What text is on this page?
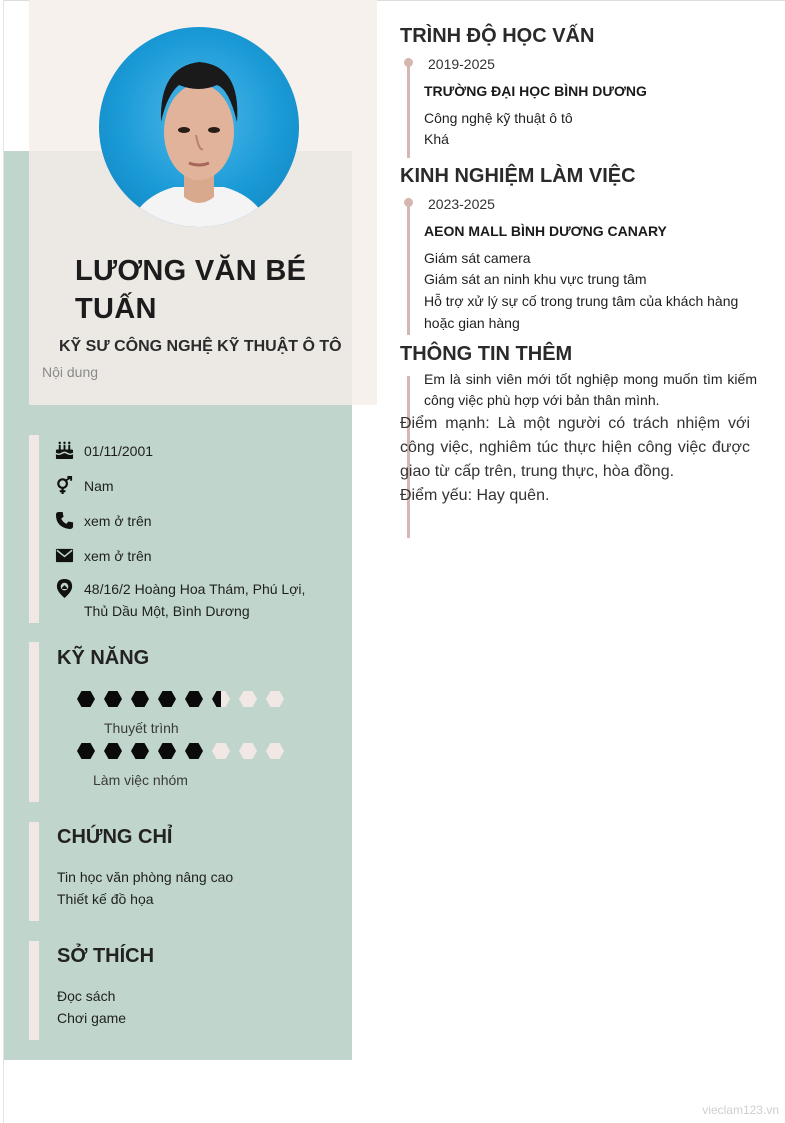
LƯƠNG VĂN BÉ TUẤN
KỸ SƯ CÔNG NGHỆ KỸ THUẬT Ô TÔ
Nội dung
01/11/2001
Nam
xem ở trên
xem ở trên
48/16/2 Hoàng Hoa Thám, Phú Lợi, Thủ Dầu Một, Bình Dương
KỸ NĂNG
Thuyết trình
Làm việc nhóm
CHỨNG CHỈ
Tin học văn phòng nâng cao
Thiết kế đồ họa
SỞ THÍCH
Đọc sách
Chơi game
TRÌNH ĐỘ HỌC VẤN
2019-2025
TRƯỜNG ĐẠI HỌC BÌNH DƯƠNG
Công nghệ kỹ thuật ô tô
Khá
KINH NGHIỆM LÀM VIỆC
2023-2025
AEON MALL BÌNH DƯƠNG CANARY
Giám sát camera
Giám sát an ninh khu vực trung tâm
Hỗ trợ xử lý sự cố trong trung tâm của khách hàng
hoặc gian hàng
THÔNG TIN THÊM
Em là sinh viên mới tốt nghiệp mong muốn tìm kiếm công việc phù hợp với bản thân mình.
Điểm mạnh: Là một người có trách nhiệm với công việc, nghiêm túc thực hiện công việc được giao từ cấp trên, trung thực, hòa đồng.
Điểm yếu: Hay quên.
vieclam123.vn
